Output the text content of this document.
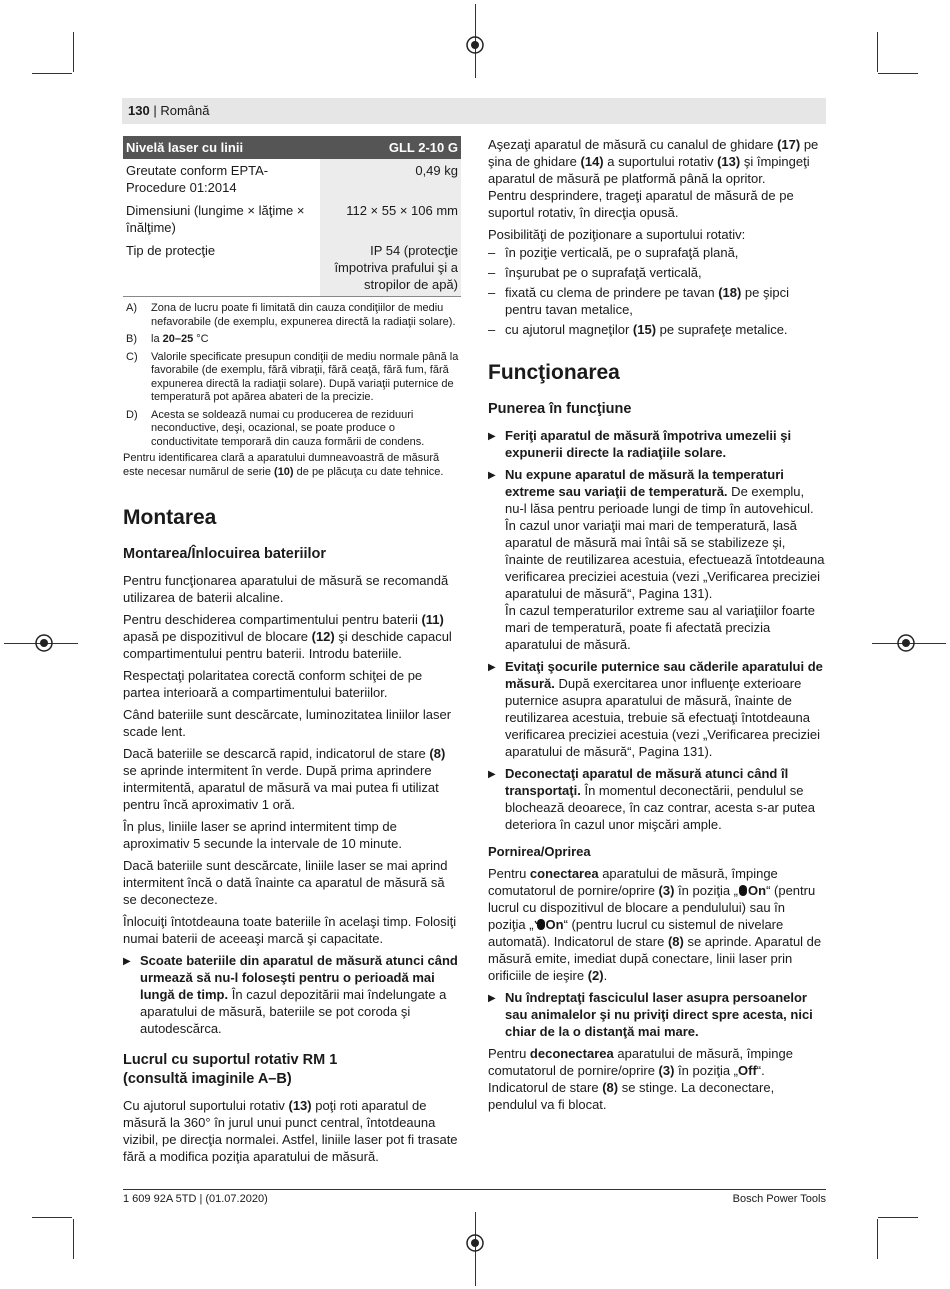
130 | Română
Nivelă laser cu linii	GLL 2-10 G
Greutate conform EPTA-Procedure 01:2014	0,49 kg
Dimensiuni (lungime × lăţime × înălţime)	112 × 55 × 106 mm
Tip de protecţie	IP 54 (protecţie împotriva prafului şi a stropilor de apă)
A)	Zona de lucru poate fi limitată din cauza condiţiilor de mediu nefavorabile (de exemplu, expunerea directă la radiaţii solare).
B)	la 20–25 °C
C)	Valorile specificate presupun condiţii de mediu normale până la favorabile (de exemplu, fără vibraţii, fără ceaţă, fără fum, fără expunerea directă la radiaţii solare). După variaţii puternice de temperatură pot apărea abateri de la precizie.
D)	Acesta se soldează numai cu producerea de reziduuri neconductive, deşi, ocazional, se poate produce o conductivitate temporară din cauza formării de condens.
Pentru identificarea clară a aparatului dumneavoastră de măsură este necesar numărul de serie (10) de pe plăcuţa cu date tehnice.
Montarea
Montarea/Înlocuirea bateriilor

Pentru funcţionarea aparatului de măsură se recomandă utilizarea de baterii alcaline.

Pentru deschiderea compartimentului pentru baterii (11) apasă pe dispozitivul de blocare (12) şi deschide capacul compartimentului pentru baterii. Introdu bateriile.

Respectaţi polaritatea corectă conform schiţei de pe partea interioară a compartimentului bateriilor.

Când bateriile sunt descărcate, luminozitatea liniilor laser scade lent.

Dacă bateriile se descarcă rapid, indicatorul de stare (8) se aprinde intermitent în verde. După prima aprindere intermitentă, aparatul de măsură va mai putea fi utilizat pentru încă aproximativ 1 oră.

În plus, liniile laser se aprind intermitent timp de aproximativ 5 secunde la intervale de 10 minute.

Dacă bateriile sunt descărcate, liniile laser se mai aprind intermitent încă o dată înainte ca aparatul de măsură să se deconecteze.

Înlocuiţi întotdeauna toate bateriile în acelaşi timp. Folosiţi numai baterii de aceeaşi marcă şi capacitate.

▶ Scoate bateriile din aparatul de măsură atunci când urmează să nu-l foloseşti pentru o perioadă mai lungă de timp. În cazul depozitării mai îndelungate a aparatului de măsură, bateriile se pot coroda şi autodescărca.
Lucrul cu suportul rotativ RM 1 (consultă imaginile A–B)

Cu ajutorul suportului rotativ (13) poţi roti aparatul de măsură la 360° în jurul unui punct central, întotdeauna vizibil, pe direcţia normalei. Astfel, liniile laser pot fi trasate fără a modifica poziţia aparatului de măsură.

Aşezaţi aparatul de măsură cu canalul de ghidare (17) pe şina de ghidare (14) a suportului rotativ (13) şi împingeţi aparatul de măsură pe platformă până la opritor.

Pentru desprindere, trageţi aparatul de măsură de pe suportul rotativ, în direcţia opusă.

Posibilităţi de poziţionare a suportului rotativ:

– în poziţie verticală, pe o suprafaţă plană,
– înşurubat pe o suprafaţă verticală,
– fixată cu clema de prindere pe tavan (18) pe şipci pentru tavan metalice,
– cu ajutorul magneţilor (15) pe suprafeţe metalice.
Funcţionarea
Punerea în funcţiune
▶ Feriţi aparatul de măsură împotriva umezelii şi expunerii directe la radiaţiile solare.
▶ Nu expune aparatul de măsură la temperaturi extreme sau variaţii de temperatură. De exemplu, nu-l lăsa pentru perioade lungi de timp în autovehicul. În cazul unor variaţii mai mari de temperatură, lasă aparatul de măsură mai întâi să se stabilizeze şi, înainte de reutilizarea acestuia, efectuează întotdeauna verificarea preciziei acestuia (vezi „Verificarea preciziei aparatului de măsură“, Pagina 131).
În cazul temperaturilor extreme sau al variaţiilor foarte mari de temperatură, poate fi afectată precizia aparatului de măsură.
▶ Evitaţi şocurile puternice sau căderile aparatului de măsură. După exercitarea unor influenţe exterioare puternice asupra aparatului de măsură, înainte de reutilizarea acestuia, trebuie să efectuaţi întotdeauna verificarea preciziei acestuia (vezi „Verificarea preciziei aparatului de măsură“, Pagina 131).
▶ Deconectaţi aparatul de măsură atunci când îl transportaţi. În momentul deconectării, pendulul se blochează deoarece, în caz contrar, acesta s-ar putea deteriora în cazul unor mişcări ample.
Pornirea/Oprirea

Pentru conectarea aparatului de măsură, împinge comutatorul de pornire/oprire (3) în poziţia „ On“ (pentru lucrul cu dispozitivul de blocare a pendulului) sau în poziţia „ On“ (pentru lucrul cu sistemul de nivelare automată). Indicatorul de stare (8) se aprinde. Aparatul de măsură emite, imediat după conectare, linii laser prin orificiile de ieşire (2).

▶ Nu îndreptaţi fasciculul laser asupra persoanelor sau animalelor şi nu priviţi direct spre acesta, nici chiar de la o distanţă mai mare.

Pentru deconectarea aparatului de măsură, împinge comutatorul de pornire/oprire (3) în poziţia „Off“. Indicatorul de stare (8) se stinge. La deconectare, pendulul va fi blocat.

1 609 92A 5TD | (01.07.2020)	Bosch Power Tools
